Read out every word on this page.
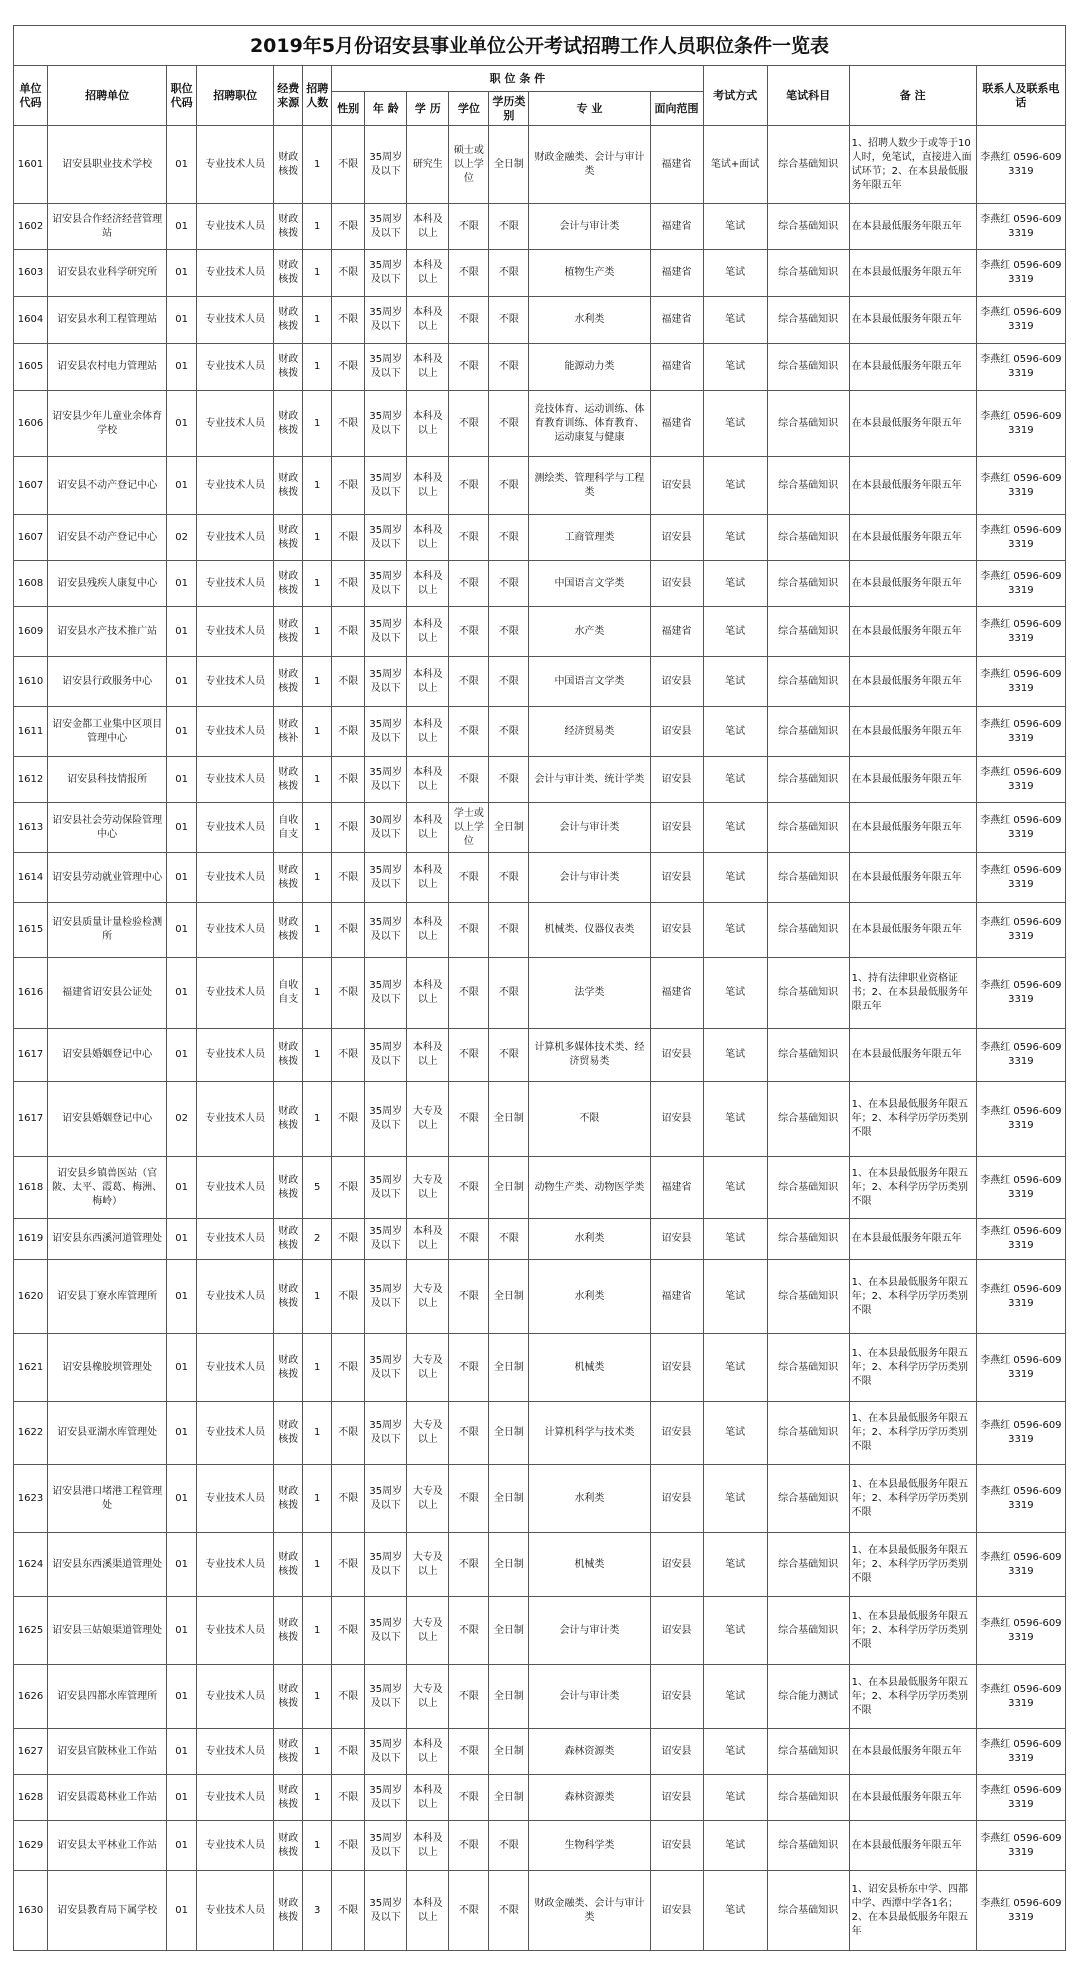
2019年5月份诏安县事业单位公开考试招聘工作人员职位条件一览表
单位代码	招聘单位	职位代码	招聘职位	经费来源	招聘人数	职 位 条 件							考试方式	笔试科目	备 注	联系人及联系电话
						性别	年 龄	学 历	学位	学历类别	专 业	面向范围				
1601	诏安县职业技术学校	01	专业技术人员	财政核拨	1	不限	35周岁及以下	研究生	硕士或以上学位	全日制	财政金融类、会计与审计类	福建省	笔试+面试	综合基础知识	1、招聘人数少于或等于10人时，免笔试，直接进入面试环节；2、在本县最低服务年限五年	李燕红 0596-6093319
1602	诏安县合作经济经营管理站	01	专业技术人员	财政核拨	1	不限	35周岁及以下	本科及以上	不限	不限	会计与审计类	福建省	笔试	综合基础知识	在本县最低服务年限五年	李燕红 0596-6093319
1603	诏安县农业科学研究所	01	专业技术人员	财政核拨	1	不限	35周岁及以下	本科及以上	不限	不限	植物生产类	福建省	笔试	综合基础知识	在本县最低服务年限五年	李燕红 0596-6093319
1604	诏安县水利工程管理站	01	专业技术人员	财政核拨	1	不限	35周岁及以下	本科及以上	不限	不限	水利类	福建省	笔试	综合基础知识	在本县最低服务年限五年	李燕红 0596-6093319
1605	诏安县农村电力管理站	01	专业技术人员	财政核拨	1	不限	35周岁及以下	本科及以上	不限	不限	能源动力类	福建省	笔试	综合基础知识	在本县最低服务年限五年	李燕红 0596-6093319
1606	诏安县少年儿童业余体育学校	01	专业技术人员	财政核拨	1	不限	35周岁及以下	本科及以上	不限	不限	竞技体育、运动训练、体育教育训练、体育教育、运动康复与健康	福建省	笔试	综合基础知识	在本县最低服务年限五年	李燕红 0596-6093319
1607	诏安县不动产登记中心	01	专业技术人员	财政核拨	1	不限	35周岁及以下	本科及以上	不限	不限	测绘类、管理科学与工程类	诏安县	笔试	综合基础知识	在本县最低服务年限五年	李燕红 0596-6093319
1607	诏安县不动产登记中心	02	专业技术人员	财政核拨	1	不限	35周岁及以下	本科及以上	不限	不限	工商管理类	诏安县	笔试	综合基础知识	在本县最低服务年限五年	李燕红 0596-6093319
1608	诏安县残疾人康复中心	01	专业技术人员	财政核拨	1	不限	35周岁及以下	本科及以上	不限	不限	中国语言文学类	诏安县	笔试	综合基础知识	在本县最低服务年限五年	李燕红 0596-6093319
1609	诏安县水产技术推广站	01	专业技术人员	财政核拨	1	不限	35周岁及以下	本科及以上	不限	不限	水产类	福建省	笔试	综合基础知识	在本县最低服务年限五年	李燕红 0596-6093319
1610	诏安县行政服务中心	01	专业技术人员	财政核拨	1	不限	35周岁及以下	本科及以上	不限	不限	中国语言文学类	诏安县	笔试	综合基础知识	在本县最低服务年限五年	李燕红 0596-6093319
1611	诏安金都工业集中区项目管理中心	01	专业技术人员	财政核补	1	不限	35周岁及以下	本科及以上	不限	不限	经济贸易类	诏安县	笔试	综合基础知识	在本县最低服务年限五年	李燕红 0596-6093319
1612	诏安县科技情报所	01	专业技术人员	财政核拨	1	不限	35周岁及以下	本科及以上	不限	不限	会计与审计类、统计学类	诏安县	笔试	综合基础知识	在本县最低服务年限五年	李燕红 0596-6093319
1613	诏安县社会劳动保险管理中心	01	专业技术人员	自收自支	1	不限	30周岁及以下	本科及以上	学士或以上学位	全日制	会计与审计类	诏安县	笔试	综合基础知识	在本县最低服务年限五年	李燕红 0596-6093319
1614	诏安县劳动就业管理中心	01	专业技术人员	财政核拨	1	不限	35周岁及以下	本科及以上	不限	不限	会计与审计类	诏安县	笔试	综合基础知识	在本县最低服务年限五年	李燕红 0596-6093319
1615	诏安县质量计量检验检测所	01	专业技术人员	财政核拨	1	不限	35周岁及以下	本科及以上	不限	不限	机械类、仪器仪表类	诏安县	笔试	综合基础知识	在本县最低服务年限五年	李燕红 0596-6093319
1616	福建省诏安县公证处	01	专业技术人员	自收自支	1	不限	35周岁及以下	本科及以上	不限	不限	法学类	福建省	笔试	综合基础知识	1、持有法律职业资格证书；2、在本县最低服务年限五年	李燕红 0596-6093319
1617	诏安县婚姻登记中心	01	专业技术人员	财政核拨	1	不限	35周岁及以下	本科及以上	不限	不限	计算机多媒体技术类、经济贸易类	诏安县	笔试	综合基础知识	在本县最低服务年限五年	李燕红 0596-6093319
1617	诏安县婚姻登记中心	02	专业技术人员	财政核拨	1	不限	35周岁及以下	大专及以上	不限	全日制	不限	诏安县	笔试	综合基础知识	1、在本县最低服务年限五年；2、本科学历学历类别不限	李燕红 0596-6093319
1618	诏安县乡镇兽医站（官陂、太平、霞葛、梅洲、梅岭）	01	专业技术人员	财政核拨	5	不限	35周岁及以下	大专及以上	不限	全日制	动物生产类、动物医学类	福建省	笔试	综合基础知识	1、在本县最低服务年限五年；2、本科学历学历类别不限	李燕红 0596-6093319
1619	诏安县东西溪河道管理处	01	专业技术人员	财政核拨	2	不限	35周岁及以下	本科及以上	不限	不限	水利类	诏安县	笔试	综合基础知识	在本县最低服务年限五年	李燕红 0596-6093319
1620	诏安县丁寮水库管理所	01	专业技术人员	财政核拨	1	不限	35周岁及以下	大专及以上	不限	全日制	水利类	福建省	笔试	综合基础知识	1、在本县最低服务年限五年；2、本科学历学历类别不限	李燕红 0596-6093319
1621	诏安县橡胶坝管理处	01	专业技术人员	财政核拨	1	不限	35周岁及以下	大专及以上	不限	全日制	机械类	诏安县	笔试	综合基础知识	1、在本县最低服务年限五年；2、本科学历学历类别不限	李燕红 0596-6093319
1622	诏安县亚湖水库管理处	01	专业技术人员	财政核拨	1	不限	35周岁及以下	大专及以上	不限	全日制	计算机科学与技术类	诏安县	笔试	综合基础知识	1、在本县最低服务年限五年；2、本科学历学历类别不限	李燕红 0596-6093319
1623	诏安县港口堵港工程管理处	01	专业技术人员	财政核拨	1	不限	35周岁及以下	大专及以上	不限	全日制	水利类	诏安县	笔试	综合基础知识	1、在本县最低服务年限五年；2、本科学历学历类别不限	李燕红 0596-6093319
1624	诏安县东西溪渠道管理处	01	专业技术人员	财政核拨	1	不限	35周岁及以下	大专及以上	不限	全日制	机械类	诏安县	笔试	综合基础知识	1、在本县最低服务年限五年；2、本科学历学历类别不限	李燕红 0596-6093319
1625	诏安县三姑娘渠道管理处	01	专业技术人员	财政核拨	1	不限	35周岁及以下	大专及以上	不限	全日制	会计与审计类	诏安县	笔试	综合基础知识	1、在本县最低服务年限五年；2、本科学历学历类别不限	李燕红 0596-6093319
1626	诏安县四都水库管理所	01	专业技术人员	财政核拨	1	不限	35周岁及以下	大专及以上	不限	全日制	会计与审计类	诏安县	笔试	综合能力测试	1、在本县最低服务年限五年；2、本科学历学历类别不限	李燕红 0596-6093319
1627	诏安县官陂林业工作站	01	专业技术人员	财政核拨	1	不限	35周岁及以下	本科及以上	不限	全日制	森林资源类	诏安县	笔试	综合基础知识	在本县最低服务年限五年	李燕红 0596-6093319
1628	诏安县霞葛林业工作站	01	专业技术人员	财政核拨	1	不限	35周岁及以下	本科及以上	不限	全日制	森林资源类	诏安县	笔试	综合基础知识	在本县最低服务年限五年	李燕红 0596-6093319
1629	诏安县太平林业工作站	01	专业技术人员	财政核拨	1	不限	35周岁及以下	本科及以上	不限	不限	生物科学类	诏安县	笔试	综合基础知识	在本县最低服务年限五年	李燕红 0596-6093319
1630	诏安县教育局下属学校	01	专业技术人员	财政核拨	3	不限	35周岁及以下	本科及以上	不限	不限	财政金融类、会计与审计类	诏安县	笔试	综合基础知识	1、诏安县桥东中学、四都中学、西潭中学各1名；2、在本县最低服务年限五年	李燕红 0596-6093319
